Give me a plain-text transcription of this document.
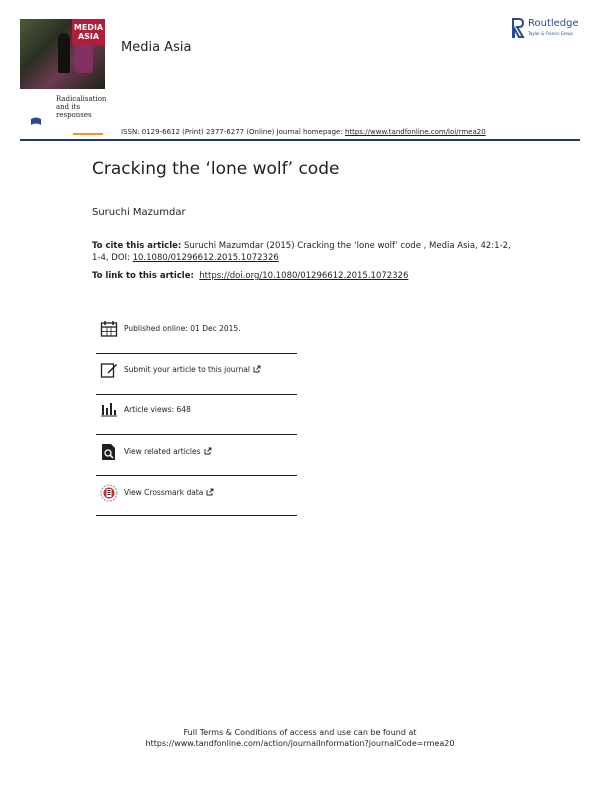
MEDIA
ASIA
Radicalisation
and its responses
Media Asia
Routledge
Taylor & Francis Group
ISSN: 0129-6612 (Print) 2377-6277 (Online) Journal homepage: https://www.tandfonline.com/loi/rmea20
Cracking the ‘lone wolf’ code
Suruchi Mazumdar
To cite this article: Suruchi Mazumdar (2015) Cracking the ‘lone wolf’ code , Media Asia, 42:1-2, 1-4, DOI: 10.1080/01296612.2015.1072326
To link to this article: https://doi.org/10.1080/01296612.2015.1072326
Published online: 01 Dec 2015.
Submit your article to this journal
Article views: 648
View related articles
View Crossmark data
Full Terms & Conditions of access and use can be found at
https://www.tandfonline.com/action/journalInformation?journalCode=rmea20
